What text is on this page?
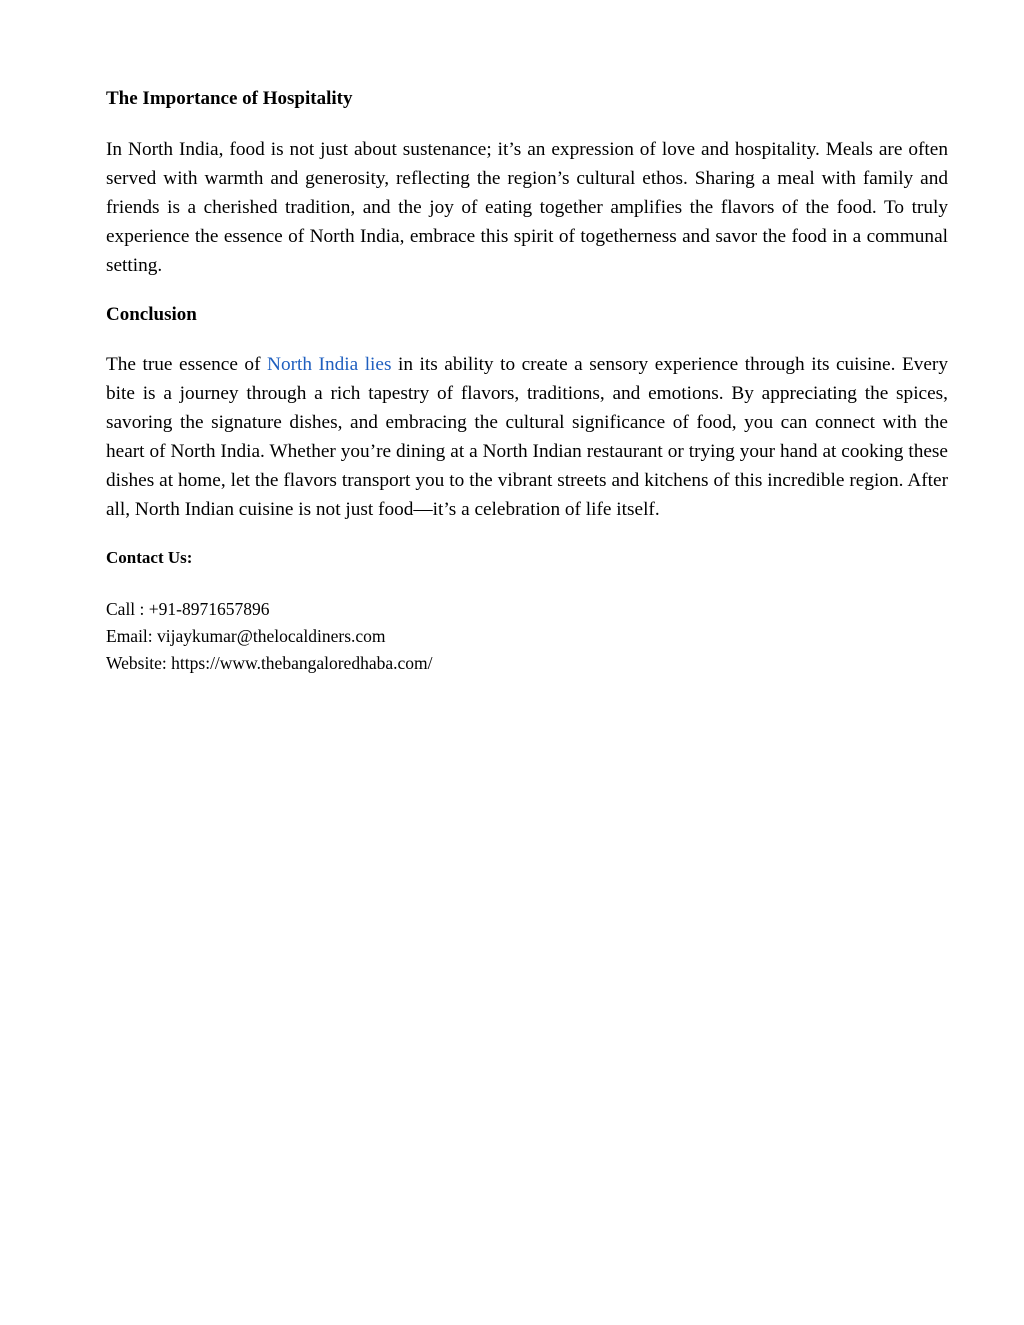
The Importance of Hospitality

In North India, food is not just about sustenance; it’s an expression of love and hospitality. Meals are often served with warmth and generosity, reflecting the region’s cultural ethos. Sharing a meal with family and friends is a cherished tradition, and the joy of eating together amplifies the flavors of the food. To truly experience the essence of North India, embrace this spirit of togetherness and savor the food in a communal setting.

Conclusion

The true essence of North India lies in its ability to create a sensory experience through its cuisine. Every bite is a journey through a rich tapestry of flavors, traditions, and emotions. By appreciating the spices, savoring the signature dishes, and embracing the cultural significance of food, you can connect with the heart of North India. Whether you’re dining at a North Indian restaurant or trying your hand at cooking these dishes at home, let the flavors transport you to the vibrant streets and kitchens of this incredible region. After all, North Indian cuisine is not just food—it’s a celebration of life itself.

Contact Us:
Call : +91-8971657896
Email: vijaykumar@thelocaldiners.com
Website: https://www.thebangaloredhaba.com/
